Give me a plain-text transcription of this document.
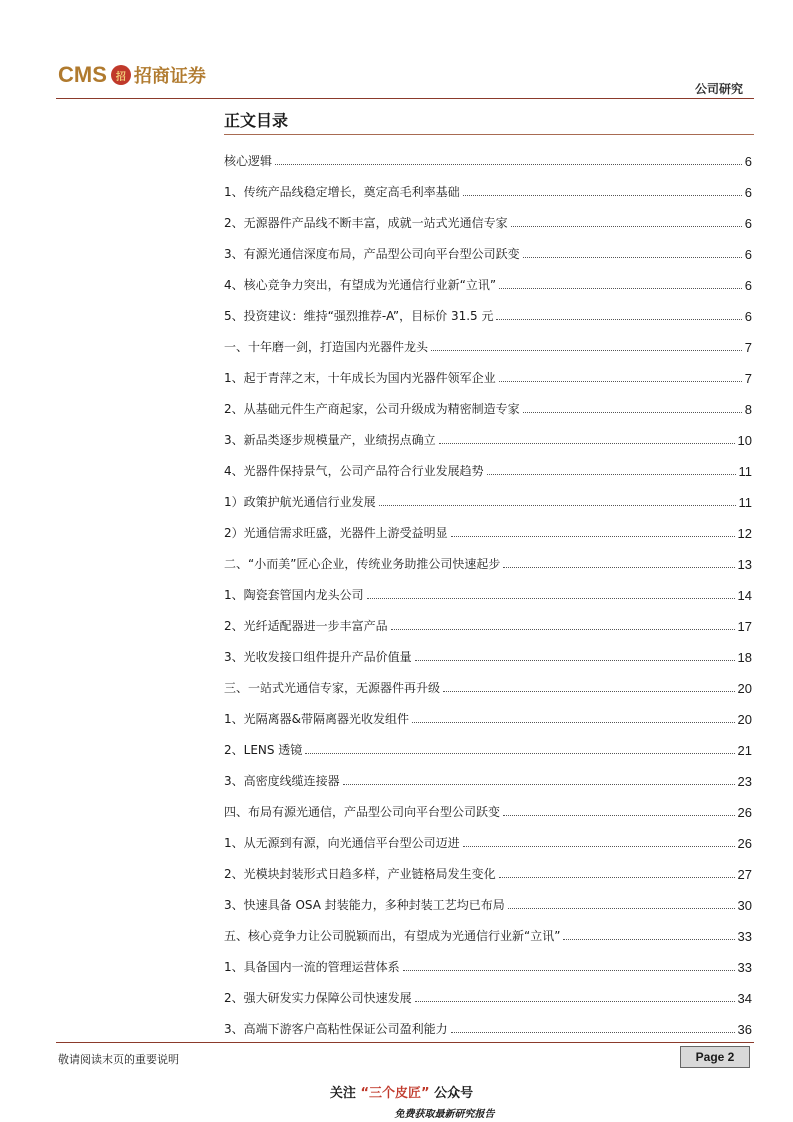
CMS 招 招商证券
公司研究
正文目录
核心逻辑	6
1、传统产品线稳定增长，奠定高毛利率基础	6
2、无源器件产品线不断丰富，成就一站式光通信专家	6
3、有源光通信深度布局，产品型公司向平台型公司跃变	6
4、核心竞争力突出，有望成为光通信行业新“立讯”	6
5、投资建议：维持“强烈推荐-A”，目标价 31.5 元	6
一、十年磨一剑，打造国内光器件龙头	7
1、起于青萍之末，十年成长为国内光器件领军企业	7
2、从基础元件生产商起家，公司升级成为精密制造专家	8
3、新品类逐步规模量产，业绩拐点确立	10
4、光器件保持景气，公司产品符合行业发展趋势	11
1）政策护航光通信行业发展	11
2）光通信需求旺盛，光器件上游受益明显	12
二、“小而美”匠心企业，传统业务助推公司快速起步	13
1、陶瓷套管国内龙头公司	14
2、光纤适配器进一步丰富产品	17
3、光收发接口组件提升产品价值量	18
三、一站式光通信专家，无源器件再升级	20
1、光隔离器&带隔离器光收发组件	20
2、LENS 透镜	21
3、高密度线缆连接器	23
四、布局有源光通信，产品型公司向平台型公司跃变	26
1、从无源到有源，向光通信平台型公司迈进	26
2、光模块封装形式日趋多样，产业链格局发生变化	27
3、快速具备 OSA 封装能力，多种封装工艺均已布局	30
五、核心竞争力让公司脱颖而出，有望成为光通信行业新“立讯”	33
1、具备国内一流的管理运营体系	33
2、强大研发实力保障公司快速发展	34
3、高端下游客户高粘性保证公司盈利能力	36
敬请阅读末页的重要说明	Page 2
关注 “三个皮匠” 公众号
免费获取最新研究报告
